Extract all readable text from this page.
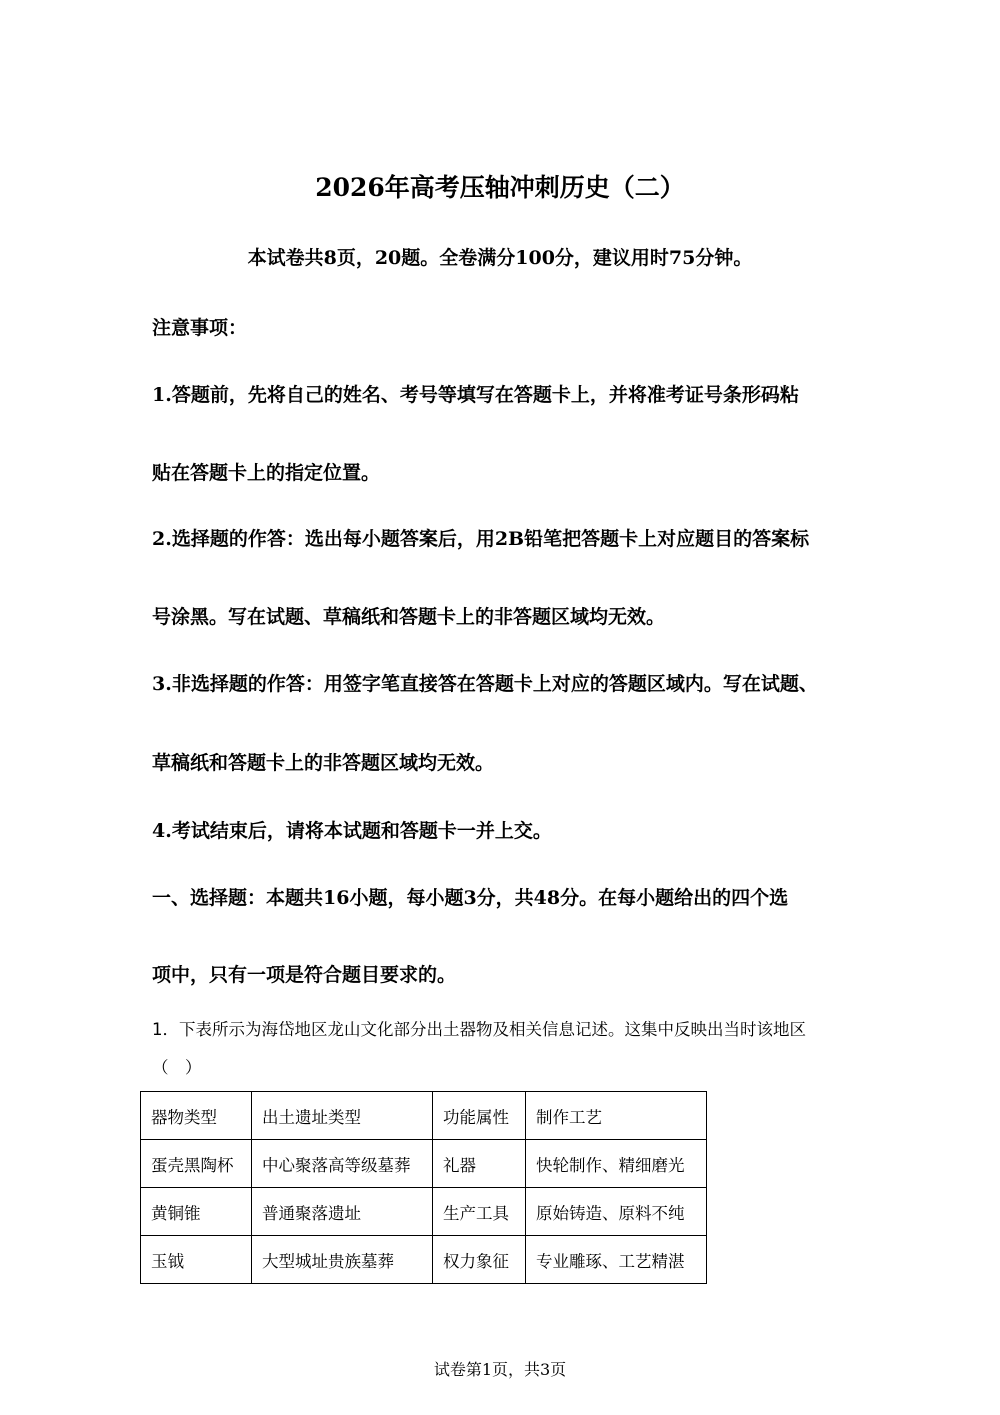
2026年高考压轴冲刺历史（二）
本试卷共8页，20题。全卷满分100分，建议用时75分钟。
注意事项：
1.答题前，先将自己的姓名、考号等填写在答题卡上，并将准考证号条形码粘
贴在答题卡上的指定位置。
2.选择题的作答：选出每小题答案后，用2B铅笔把答题卡上对应题目的答案标
号涂黑。写在试题、草稿纸和答题卡上的非答题区域均无效。
3.非选择题的作答：用签字笔直接答在答题卡上对应的答题区域内。写在试题、
草稿纸和答题卡上的非答题区域均无效。
4.考试结束后，请将本试题和答题卡一并上交。
一、选择题：本题共16小题，每小题3分，共48分。在每小题给出的四个选
项中，只有一项是符合题目要求的。
1．下表所示为海岱地区龙山文化部分出土器物及相关信息记述。这集中反映出当时该地区
（　）
器物类型	出土遗址类型	功能属性	制作工艺
蛋壳黑陶杯	中心聚落高等级墓葬	礼器	快轮制作、精细磨光
黄铜锥	普通聚落遗址	生产工具	原始铸造、原料不纯
玉钺	大型城址贵族墓葬	权力象征	专业雕琢、工艺精湛
试卷第1页，共3页
